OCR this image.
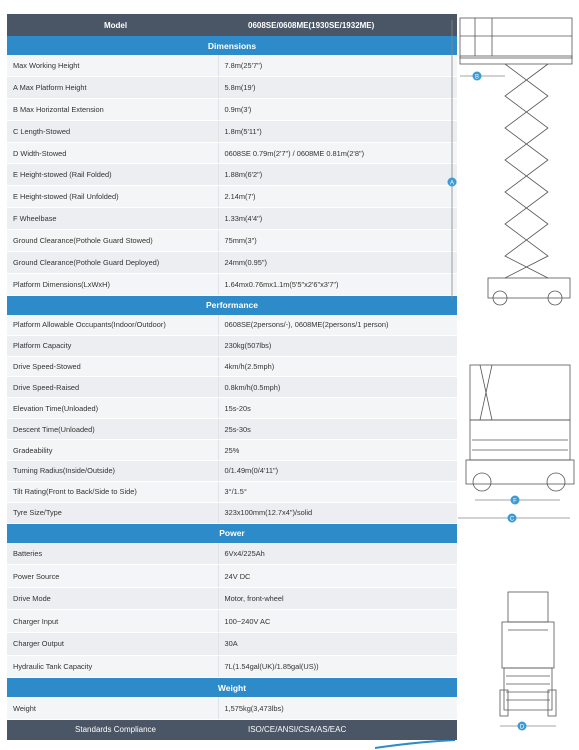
Model	0608SE/0608ME(1930SE/1932ME)
Dimensions	
Max Working Height	7.8m(25'7")
A Max Platform Height	5.8m(19')
B Max Horizontal Extension	0.9m(3')
C Length-Stowed	1.8m(5'11")
D Width-Stowed	0608SE 0.79m(2'7") / 0608ME 0.81m(2'8")
E Height-stowed (Rail Folded)	1.88m(6'2")
E Height-stowed (Rail Unfolded)	2.14m(7')
F Wheelbase	1.33m(4'4")
Ground Clearance(Pothole Guard Stowed)	75mm(3")
Ground Clearance(Pothole Guard Deployed)	24mm(0.95")
Platform Dimensions(LxWxH)	1.64mx0.76mx1.1m(5'5"x2'6"x3'7")
Performance	
Platform Allowable Occupants(Indoor/Outdoor)	0608SE(2persons/-), 0608ME(2persons/1 person)
Platform Capacity	230kg(507lbs)
Drive Speed-Stowed	4km/h(2.5mph)
Drive Speed-Raised	0.8km/h(0.5mph)
Elevation Time(Unloaded)	15s-20s
Descent Time(Unloaded)	25s-30s
Gradeability	25%
Turning Radius(Inside/Outside)	0/1.49m(0/4'11")
Tilt Rating(Front to Back/Side to Side)	3°/1.5°
Tyre Size/Type	323x100mm(12.7x4")/solid
Power	
Batteries	6Vx4/225Ah
Power Source	24V DC
Drive Mode	Motor, front-wheel
Charger Input	100~240V AC
Charger Output	30A
Hydraulic Tank Capacity	7L(1.54gal(UK)/1.85gal(US))
Weight	
Weight	1,575kg(3,473lbs)
Standards Compliance	ISO/CE/ANSI/CSA/AS/EAC
B
A
F
C
D
